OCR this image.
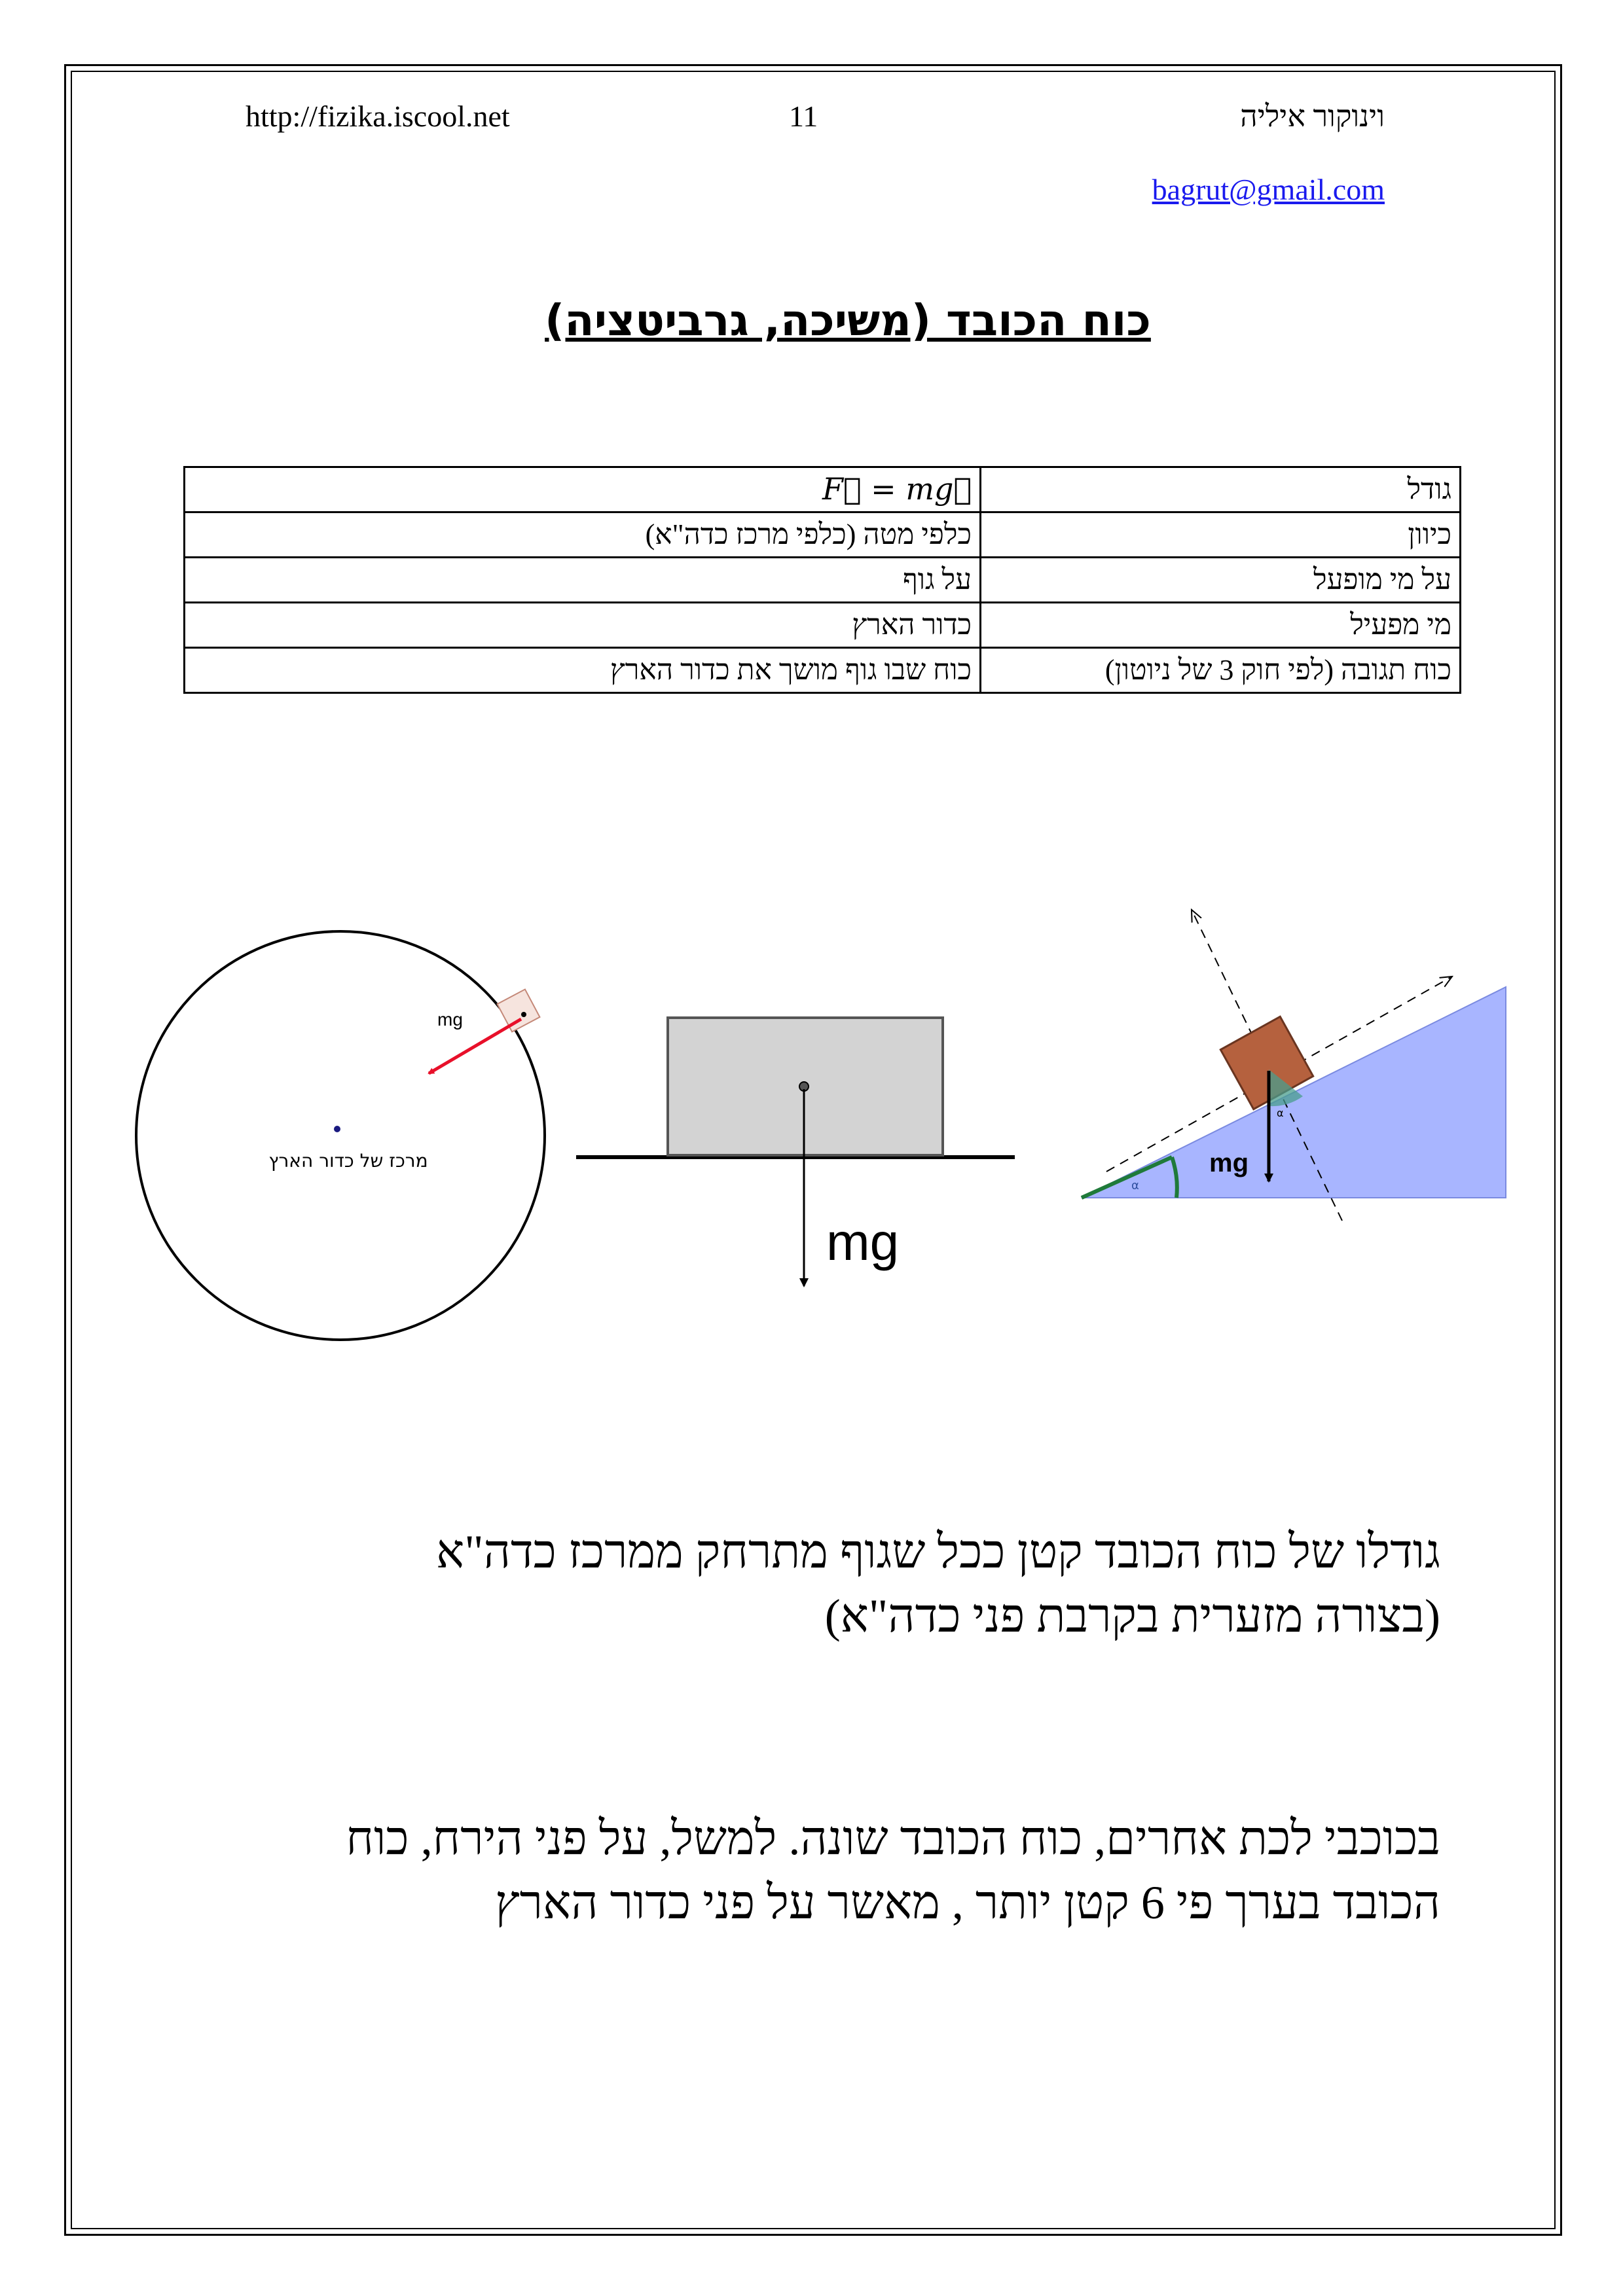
http://fizika.iscool.net	11	וינוקור איליה
bagrut@gmail.com
כוח הכובד (משיכה, גרביטציה)
גודל	F⃗ = mg⃗
כיוון	כלפי מטה (כלפי מרכז כדה"א)
על מי מופעל	על גוף
מי מפעיל	כדור הארץ
כוח תגובה (לפי חוק 3 של ניוטון)	כוח שבו גוף מושך את כדור הארץ
mg
מרכז של כדור הארץ
mg
α
α
mg
גודלו של כוח הכובד קטן ככל שגוף מתרחק ממרכז כדה"א
(בצורה מזערית בקרבת פני כדה"א)
בכוכבי לכת אחרים, כוח הכובד שונה. למשל, על פני הירח, כוח
הכובד בערך פי 6 קטן יותר , מאשר על פני כדור הארץ
